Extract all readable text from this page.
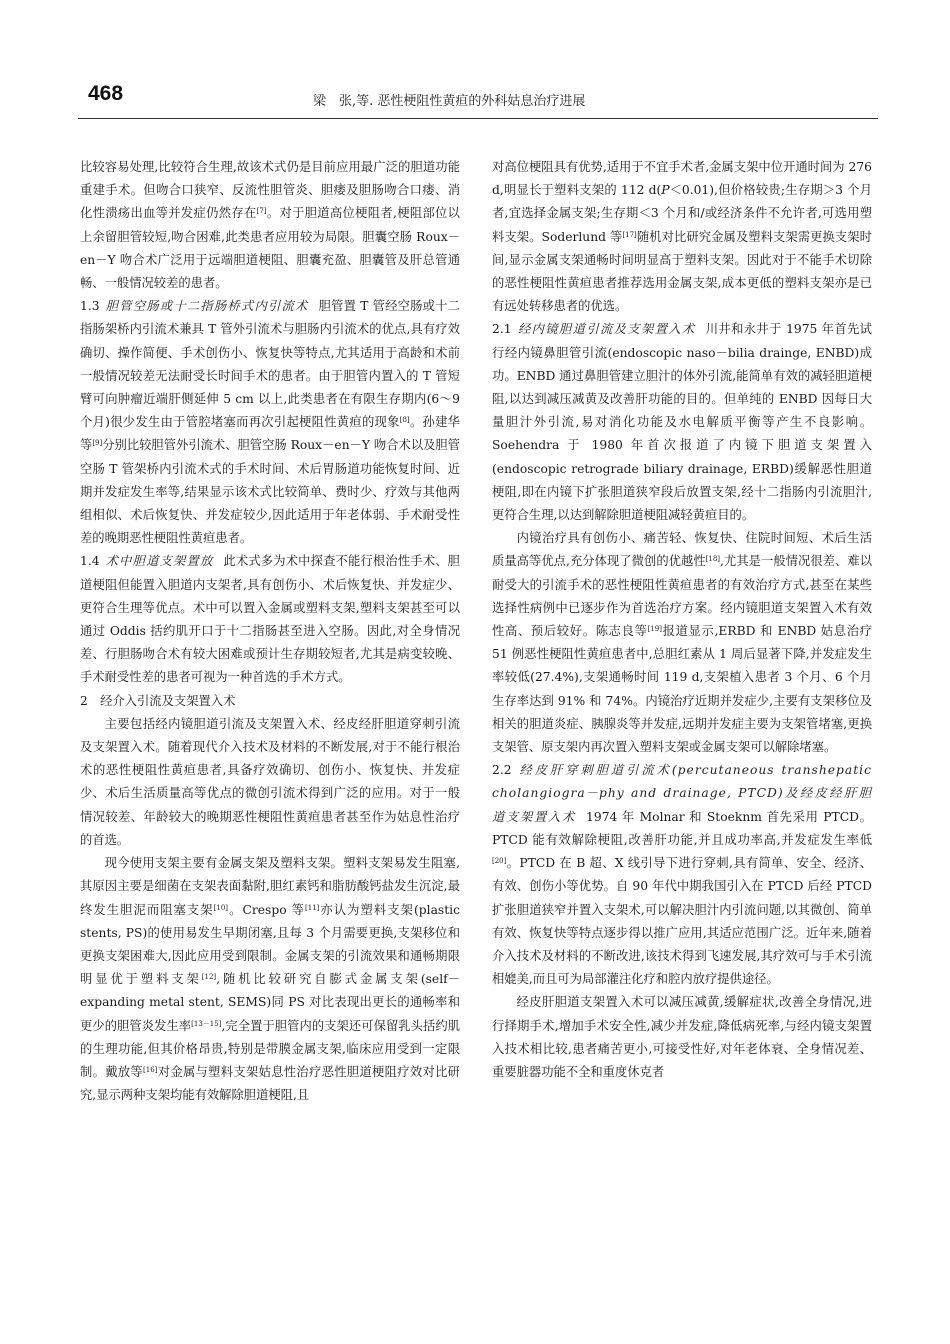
468	梁　张,等. 恶性梗阻性黄疸的外科姑息治疗进展

比较容易处理,比较符合生理,故该术式仍是目前应用最广泛的胆道功能重建手术。但吻合口狭窄、反流性胆管炎、胆瘘及胆肠吻合口瘘、消化性溃疡出血等并发症仍然存在[7]。对于胆道高位梗阻者,梗阻部位以上余留胆管较短,吻合困难,此类患者应用较为局限。胆囊空肠 Roux－en－Y 吻合术广泛用于远端胆道梗阻、胆囊充盈、胆囊管及肝总管通畅、一般情况较差的患者。

1.3 胆管空肠或十二指肠桥式内引流术 胆管置 T 管经空肠或十二指肠架桥内引流术兼具 T 管外引流术与胆肠内引流术的优点,具有疗效确切、操作简便、手术创伤小、恢复快等特点,尤其适用于高龄和术前一般情况较差无法耐受长时间手术的患者。由于胆管内置入的 T 管短臂可向肿瘤近端肝侧延伸 5 cm 以上,此类患者在有限生存期内(6～9 个月)很少发生由于管腔堵塞而再次引起梗阻性黄疸的现象[8]。孙建华等[9]分别比较胆管外引流术、胆管空肠 Roux－en－Y 吻合术以及胆管空肠 T 管架桥内引流术式的手术时间、术后胃肠道功能恢复时间、近期并发症发生率等,结果显示该术式比较简单、费时少、疗效与其他两组相似、术后恢复快、并发症较少,因此适用于年老体弱、手术耐受性差的晚期恶性梗阻性黄疸患者。

1.4 术中胆道支架置放 此术式多为术中探查不能行根治性手术、胆道梗阻但能置入胆道内支架者,具有创伤小、术后恢复快、并发症少、更符合生理等优点。术中可以置入金属或塑料支架,塑料支架甚至可以通过 Oddis 括约肌开口于十二指肠甚至进入空肠。因此,对全身情况差、行胆肠吻合术有较大困难或预计生存期较短者,尤其是病变较晚、手术耐受性差的患者可视为一种首选的手术方式。

2　经介入引流及支架置入术

主要包括经内镜胆道引流及支架置入术、经皮经肝胆道穿刺引流及支架置入术。随着现代介入技术及材料的不断发展,对于不能行根治术的恶性梗阻性黄疸患者,具备疗效确切、创伤小、恢复快、并发症少、术后生活质量高等优点的微创引流术得到广泛的应用。对于一般情况较差、年龄较大的晚期恶性梗阻性黄疸患者甚至作为姑息性治疗的首选。

现今使用支架主要有金属支架及塑料支架。塑料支架易发生阻塞,其原因主要是细菌在支架表面黏附,胆红素钙和脂肪酸钙盐发生沉淀,最终发生胆泥而阻塞支架[10]。Crespo 等[11]亦认为塑料支架(plastic stents, PS)的使用易发生早期闭塞,且每 3 个月需要更换,支架移位和更换支架困难大,因此应用受到限制。金属支架的引流效果和通畅期限明显优于塑料支架[12],随机比较研究自膨式金属支架(self－expanding metal stent, SEMS)同 PS 对比表现出更长的通畅率和更少的胆管炎发生率[13－15],完全置于胆管内的支架还可保留乳头括约肌的生理功能,但其价格昂贵,特别是带膜金属支架,临床应用受到一定限制。戴放等[16]对金属与塑料支架姑息性治疗恶性胆道梗阻疗效对比研究,显示两种支架均能有效解除胆道梗阻,且

对高位梗阻具有优势,适用于不宜手术者,金属支架中位开通时间为 276 d,明显长于塑料支架的 112 d(P＜0.01),但价格较贵;生存期＞3 个月者,宜选择金属支架;生存期＜3 个月和/或经济条件不允许者,可选用塑料支架。Soderlund 等[17]随机对比研究金属及塑料支架需更换支架时间,显示金属支架通畅时间明显高于塑料支架。因此对于不能手术切除的恶性梗阻性黄疸患者推荐选用金属支架,成本更低的塑料支架亦是已有远处转移患者的优选。

2.1 经内镜胆道引流及支架置入术 川井和永井于 1975 年首先试行经内镜鼻胆管引流(endoscopic naso－bilia drainge, ENBD)成功。ENBD 通过鼻胆管建立胆汁的体外引流,能简单有效的减轻胆道梗阻,以达到减压减黄及改善肝功能的目的。但单纯的 ENBD 因每日大量胆汁外引流,易对消化功能及水电解质平衡等产生不良影响。Soehendra 于 1980 年首次报道了内镜下胆道支架置入(endoscopic retrograde biliary drainage, ERBD)缓解恶性胆道梗阻,即在内镜下扩张胆道狭窄段后放置支架,经十二指肠内引流胆汁,更符合生理,以达到解除胆道梗阻减轻黄疸目的。

内镜治疗具有创伤小、痛苦轻、恢复快、住院时间短、术后生活质量高等优点,充分体现了微创的优越性[18],尤其是一般情况很差、难以耐受大的引流手术的恶性梗阻性黄疸患者的有效治疗方式,甚至在某些选择性病例中已逐步作为首选治疗方案。经内镜胆道支架置入术有效性高、预后较好。陈志良等[19]报道显示,ERBD 和 ENBD 姑息治疗 51 例恶性梗阻性黄疸患者中,总胆红素从 1 周后显著下降,并发症发生率较低(27.4%),支架通畅时间 119 d,支架植入患者 3 个月、6 个月生存率达到 91% 和 74%。内镜治疗近期并发症少,主要有支架移位及相关的胆道炎症、胰腺炎等并发症,远期并发症主要为支架管堵塞,更换支架管、原支架内再次置入塑料支架或金属支架可以解除堵塞。

2.2 经皮肝穿刺胆道引流术(percutaneous transhepatic cholangiogra－phy and drainage, PTCD)及经皮经肝胆道支架置入术 1974 年 Molnar 和 Stoeknm 首先采用 PTCD。PTCD 能有效解除梗阻,改善肝功能,并且成功率高,并发症发生率低[20]。PTCD 在 B 超、X 线引导下进行穿刺,具有简单、安全、经济、有效、创伤小等优势。自 90 年代中期我国引入在 PTCD 后经 PTCD 扩张胆道狭窄并置入支架术,可以解决胆汁内引流问题,以其微创、简单有效、恢复快等特点逐步得以推广应用,其适应范围广泛。近年来,随着介入技术及材料的不断改进,该技术得到飞速发展,其疗效可与手术引流相媲美,而且可为局部灌注化疗和腔内放疗提供途径。

经皮肝胆道支架置入术可以减压减黄,缓解症状,改善全身情况,进行择期手术,增加手术安全性,减少并发症,降低病死率,与经内镜支架置入技术相比较,患者痛苦更小,可接受性好,对年老体衰、全身情况差、重要脏器功能不全和重度休克者
